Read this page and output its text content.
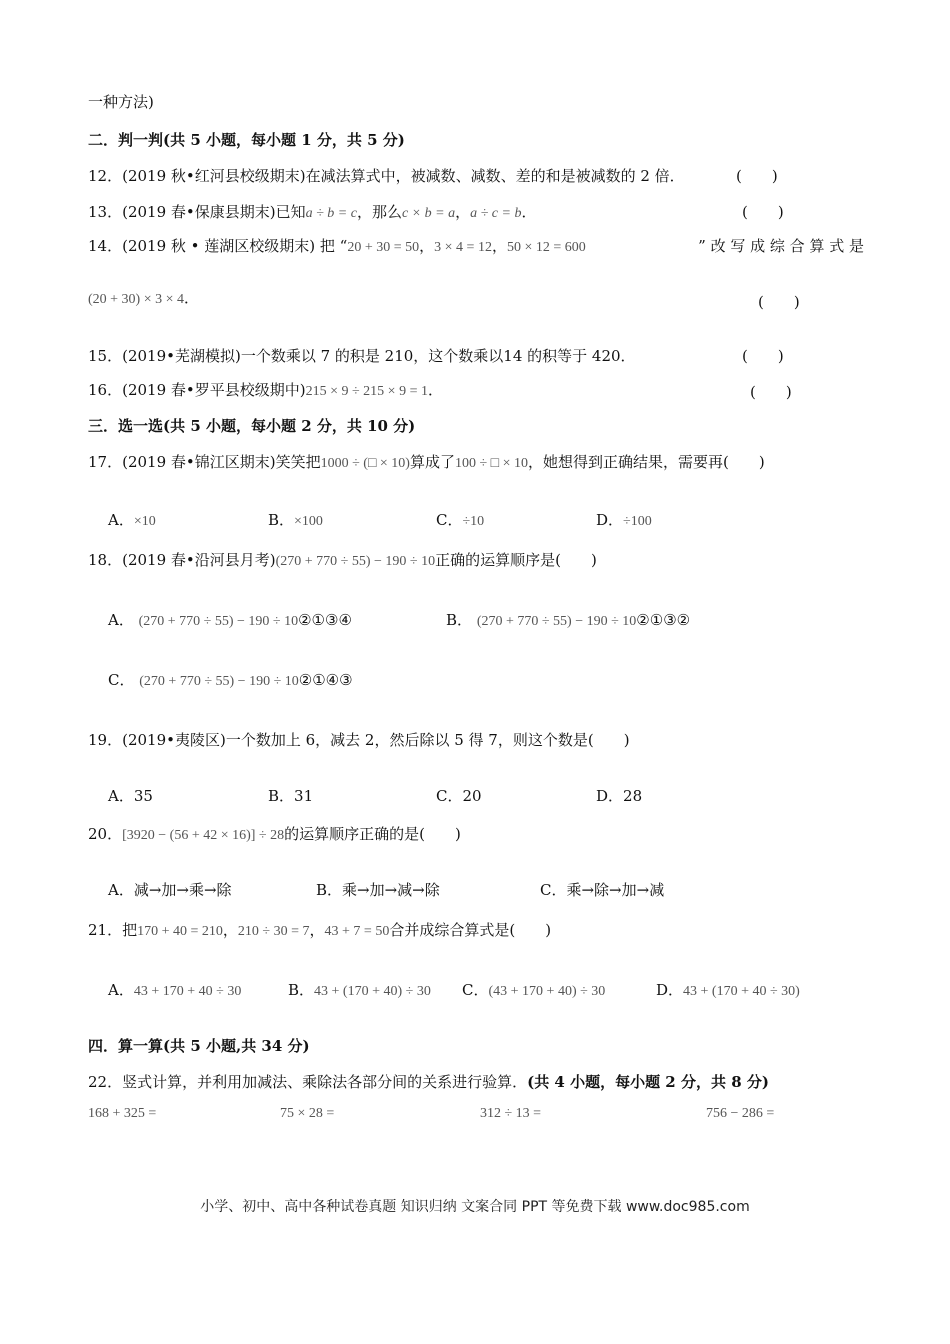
一种方法)
二．判一判(共 5 小题，每小题 1 分，共 5 分)
12．(2019 秋•红河县校级期末)在减法算式中，被减数、减数、差的和是被减数的 2 倍．	(　　)
13．(2019 春•保康县期末)已知a ÷ b = c，那么c × b = a，a ÷ c = b．	(　　)
14．(2019 秋 • 莲湖区校级期末) 把 “20 + 30 = 50，3 × 4 = 12，50 × 12 = 600	” 改 写 成 综 合 算 式 是
(20 + 30) × 3 × 4．	(　　)
15．(2019•芜湖模拟)一个数乘以 7 的积是 210，这个数乘以14 的积等于 420．	(　　)
16．(2019 春•罗平县校级期中)215 × 9 ÷ 215 × 9 = 1．	(　　)
三．选一选(共 5 小题，每小题 2 分，共 10 分)
17．(2019 春•锦江区期末)笑笑把1000 ÷ (□ × 10)算成了100 ÷ □ × 10，她想得到正确结果，需要再(　　)
A．×10	B．×100	C．÷10	D．÷100
18．(2019 春•沿河县月考)(270 + 770 ÷ 55) − 190 ÷ 10正确的运算顺序是(　　)
A． (270 + 770 ÷ 55) − 190 ÷ 10②①③④	B． (270 + 770 ÷ 55) − 190 ÷ 10②①③②
C． (270 + 770 ÷ 55) − 190 ÷ 10②①④③
19．(2019•夷陵区)一个数加上 6，减去 2，然后除以 5 得 7，则这个数是(　　)
A．35	B．31	C．20	D．28
20．[3920 − (56 + 42 × 16)] ÷ 28的运算顺序正确的是(　　)
A．减→加→乘→除	B．乘→加→减→除	C．乘→除→加→减
21．把170 + 40 = 210，210 ÷ 30 = 7，43 + 7 = 50合并成综合算式是(　　)
A．43 + 170 + 40 ÷ 30	B．43 + (170 + 40) ÷ 30 C．(43 + 170 + 40) ÷ 30	D．43 + (170 + 40 ÷ 30)
四．算一算(共 5 小题,共 34 分)
22．竖式计算，并利用加减法、乘除法各部分间的关系进行验算．(共 4 小题，每小题 2 分，共 8 分)
168 + 325 =	75 × 28 =	312 ÷ 13 =	756 − 286 =
小学、初中、高中各种试卷真题 知识归纳 文案合同 PPT 等免费下载 www.doc985.com
